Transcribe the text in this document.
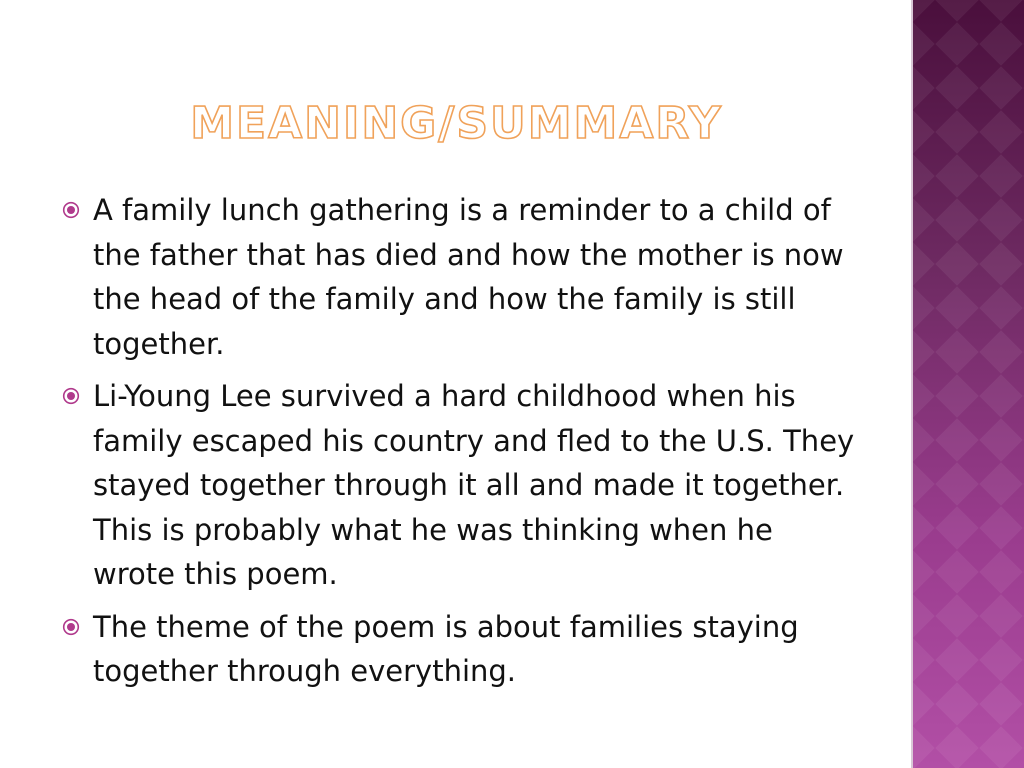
MEANING/SUMMARY
A family lunch gathering is a reminder to a child of the father that has died and how the mother is now the head of the family and how the family is still together.
Li-Young Lee survived a hard childhood when his family escaped his country and fled to the U.S. They stayed together through it all and made it together. This is probably what he was thinking when he wrote this poem.
The theme of the poem is about families staying together through everything.
